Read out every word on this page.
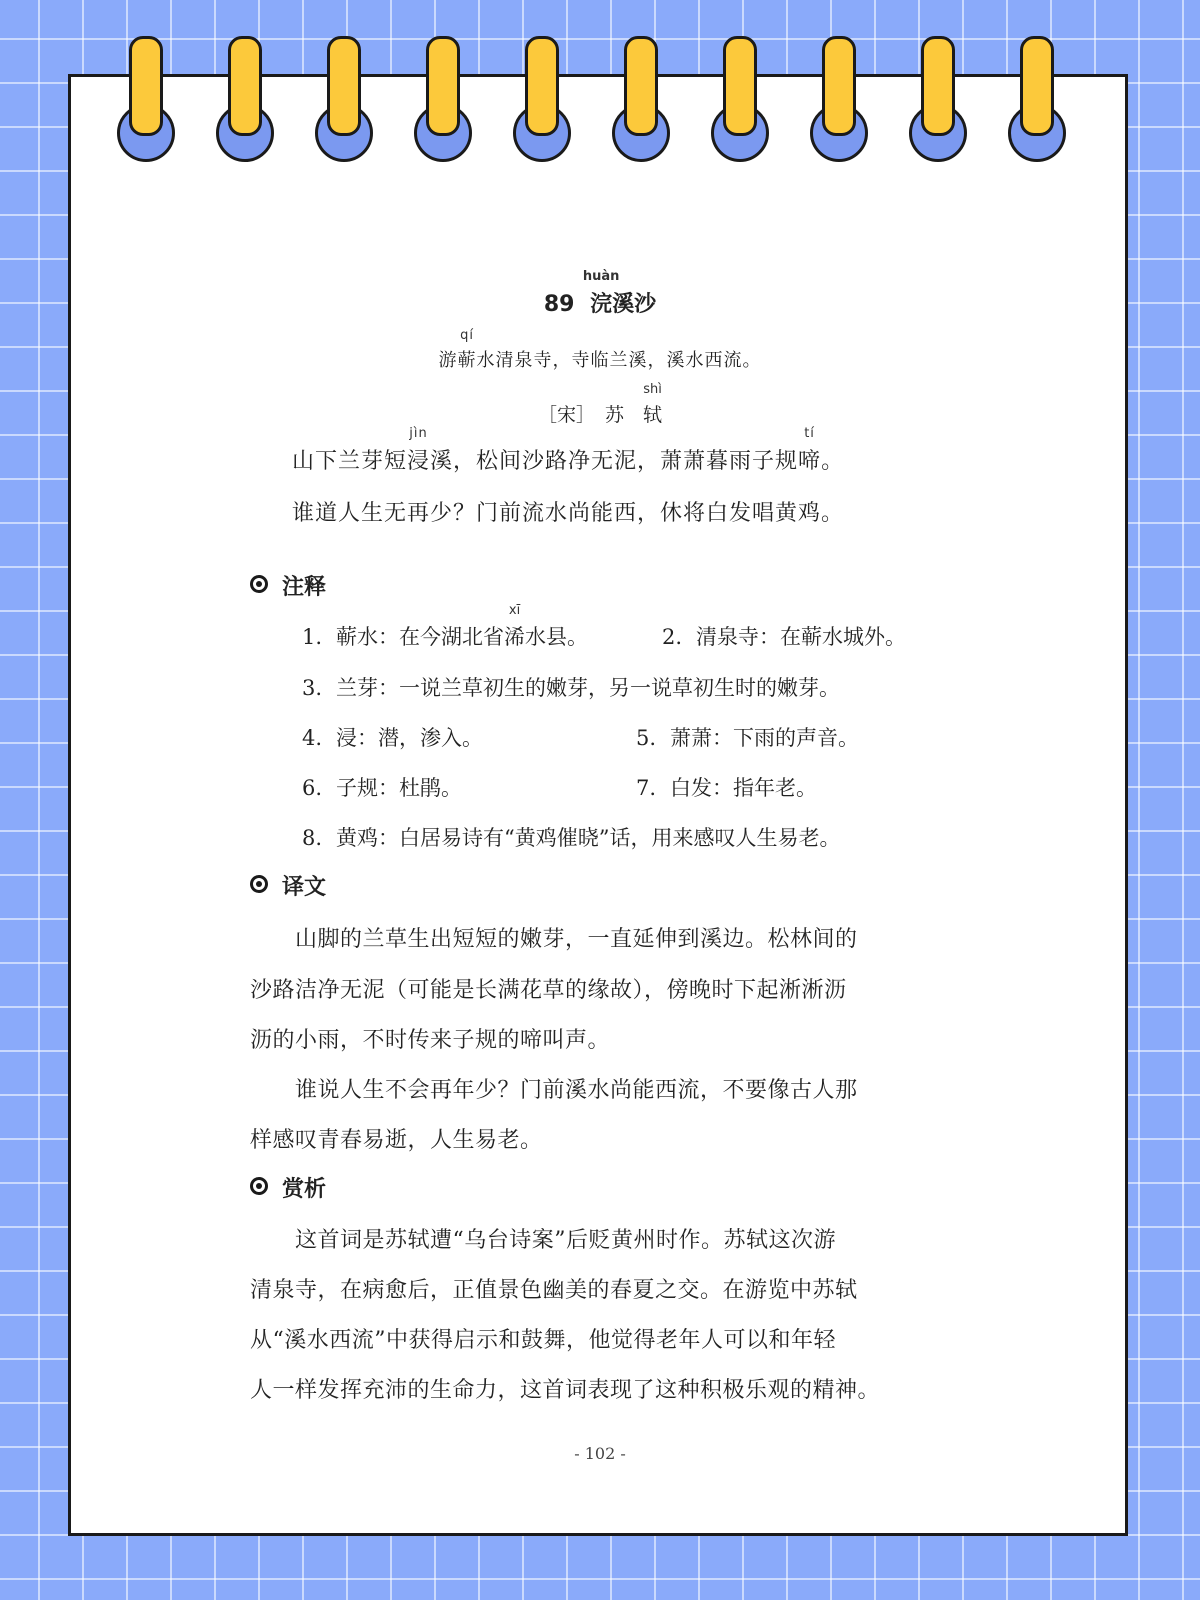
89
huàn
浣溪沙
游
qí
蕲水清泉寺，寺临兰溪，溪水西流。
［宋］ 苏 
shì
轼
山下兰芽短
jìn
浸溪，松间沙路净无泥，萧萧暮雨子规
tí
啼。
谁道人生无再少？门前流水尚能西，休将白发唱黄鸡。
注释
1. 蕲水：在今湖北省
xī
浠水县。	2. 清泉寺：在蕲水城外。
3. 兰芽：一说兰草初生的嫩芽，另一说草初生时的嫩芽。
4. 浸：潜，渗入。	5. 萧萧：下雨的声音。
6. 子规：杜鹃。	7. 白发：指年老。
8. 黄鸡：白居易诗有“黄鸡催晓”话，用来感叹人生易老。
译文
　　山脚的兰草生出短短的嫩芽，一直延伸到溪边。松林间的
沙路洁净无泥（可能是长满花草的缘故），傍晚时下起淅淅沥
沥的小雨，不时传来子规的啼叫声。
　　谁说人生不会再年少？门前溪水尚能西流，不要像古人那
样感叹青春易逝，人生易老。
赏析
　　这首词是苏轼遭“乌台诗案”后贬黄州时作。苏轼这次游
清泉寺，在病愈后，正值景色幽美的春夏之交。在游览中苏轼
从“溪水西流”中获得启示和鼓舞，他觉得老年人可以和年轻
人一样发挥充沛的生命力，这首词表现了这种积极乐观的精神。
- 102 -
